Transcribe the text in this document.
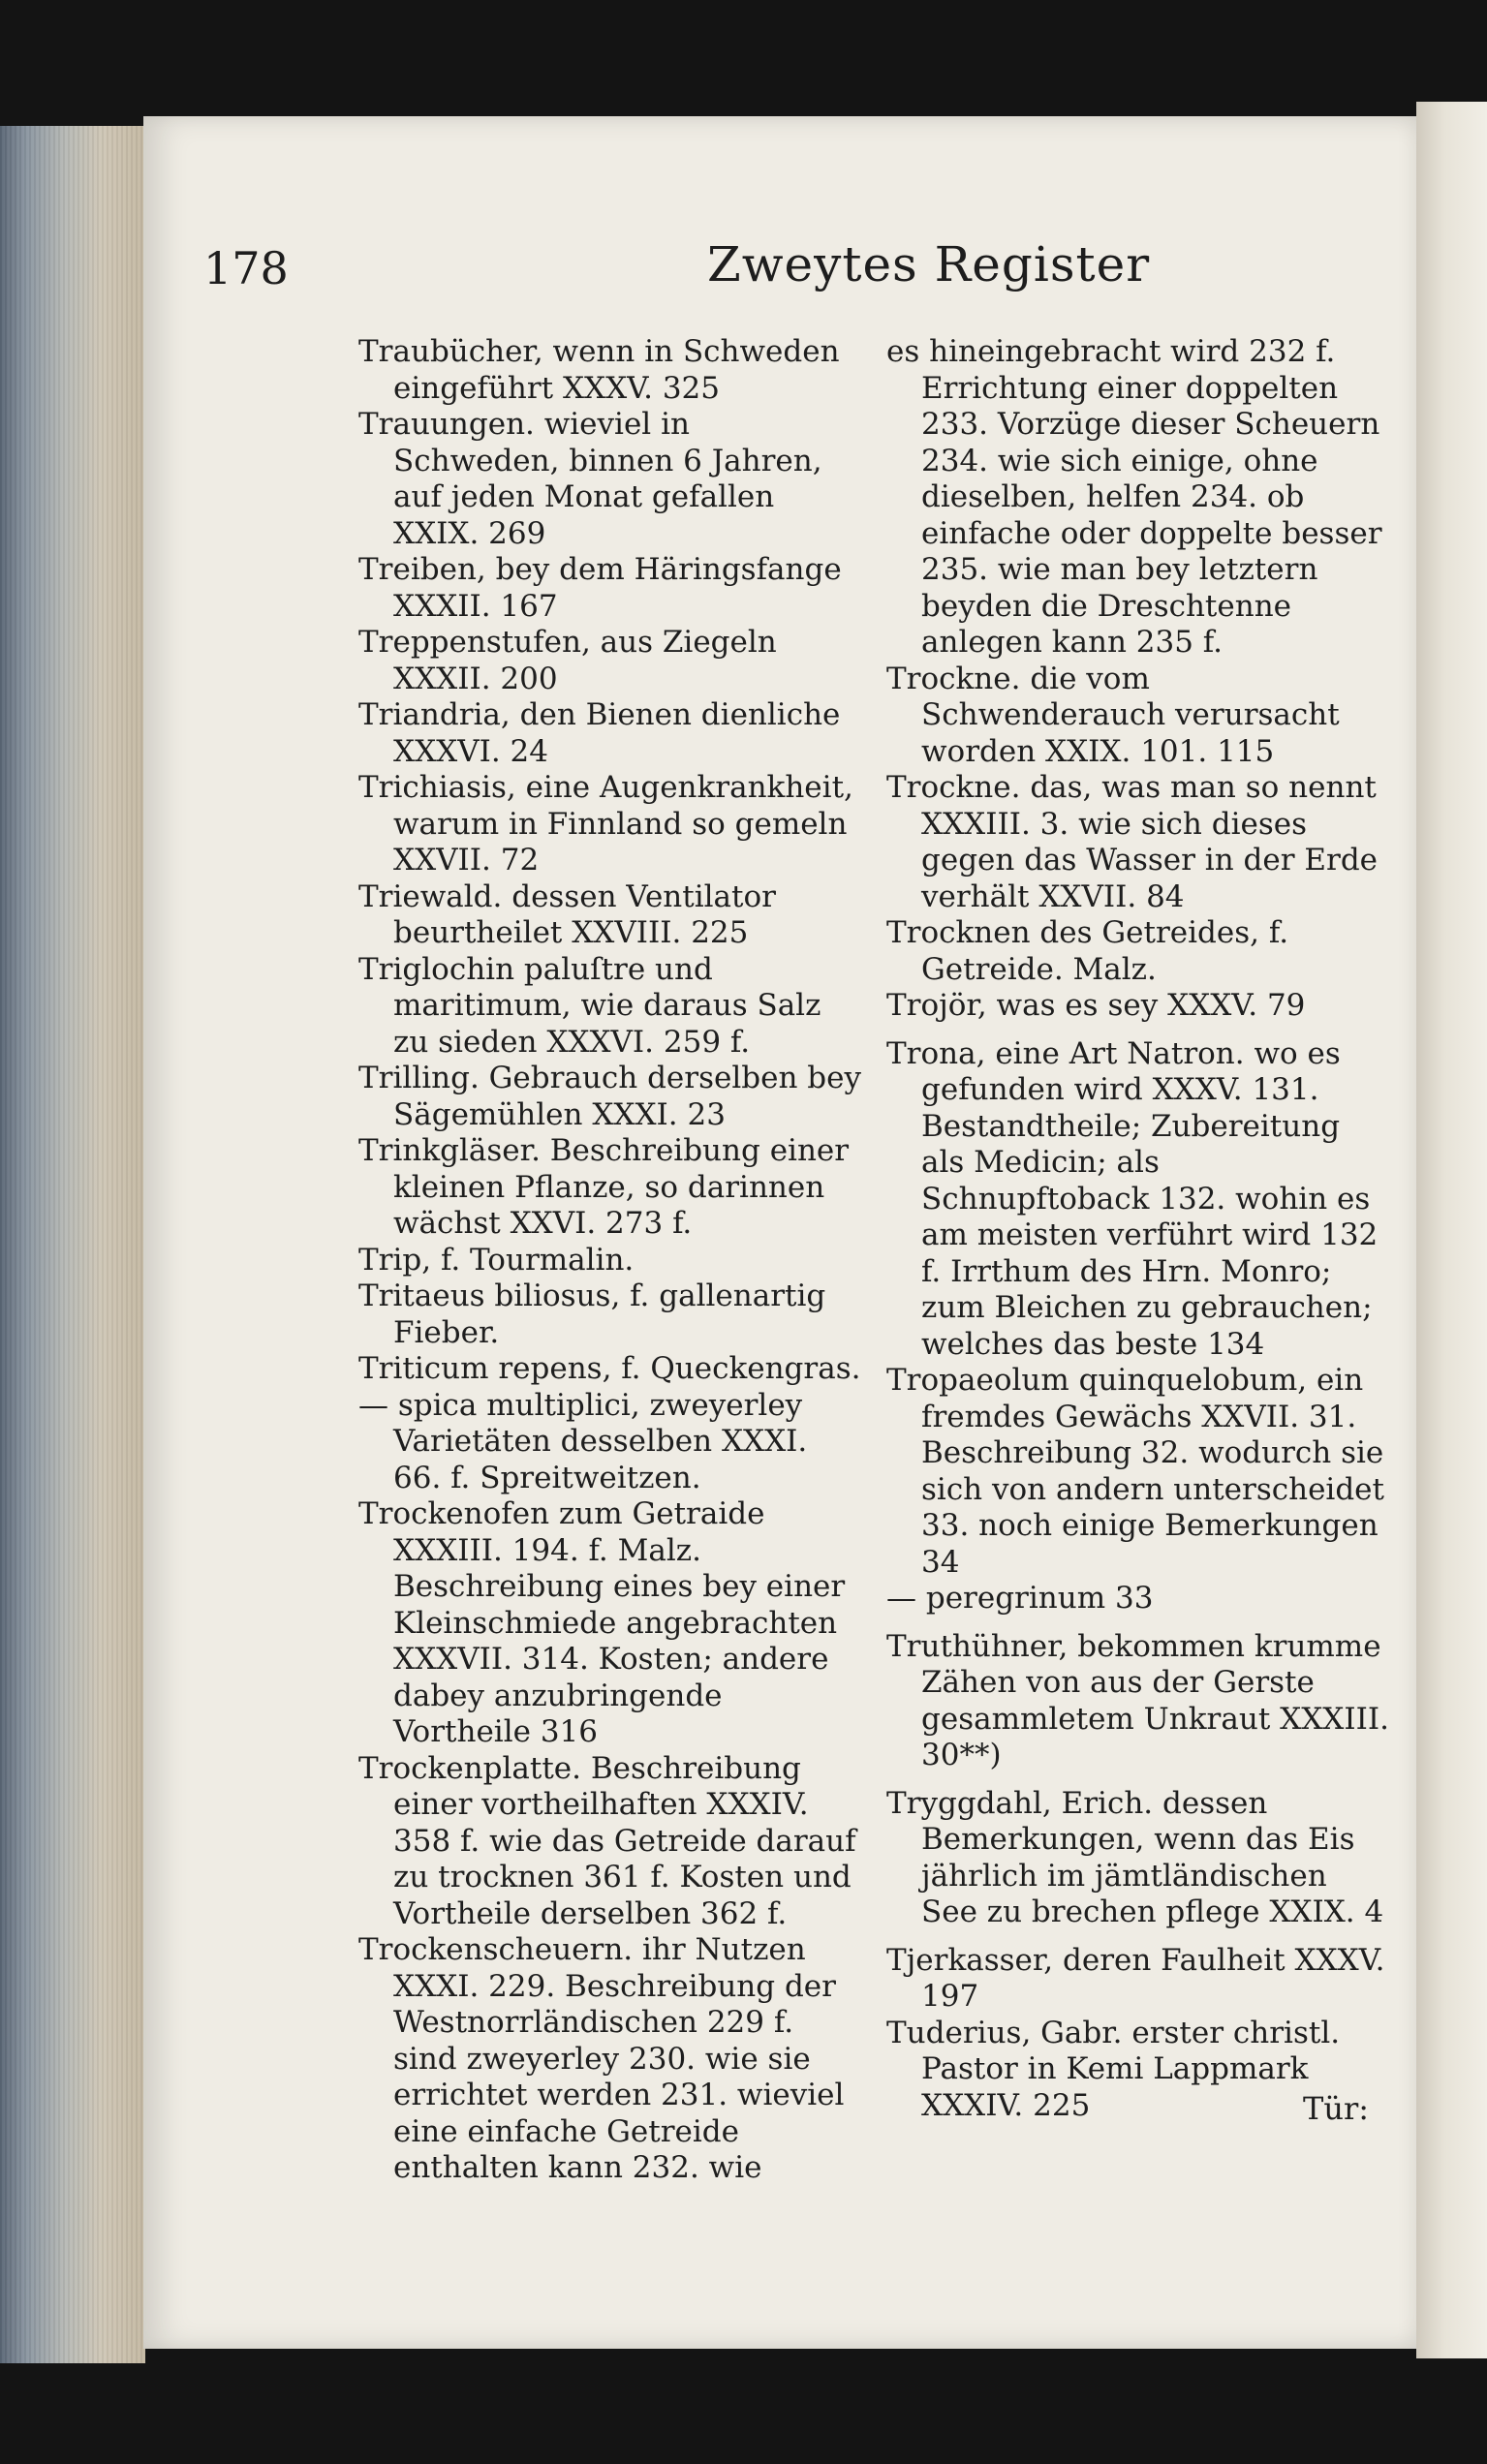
178	Zweytes Register

Traubücher, wenn in Schweden eingeführt XXXV. 325

Trauungen. wieviel in Schweden, binnen 6 Jahren, auf jeden Monat gefallen XXIX. 269

Treiben, bey dem Häringsfange XXXII. 167

Treppenstufen, aus Ziegeln XXXII. 200

Triandria, den Bienen dienliche XXXVI. 24

Trichiasis, eine Augenkrankheit, warum in Finnland so gemeln XXVII. 72

Triewald. dessen Ventilator beurtheilet XXVIII. 225

Triglochin paluſtre und maritimum, wie daraus Salz zu sieden XXXVI. 259 f.

Trilling. Gebrauch derselben bey Sägemühlen XXXI. 23

Trinkgläser. Beschreibung einer kleinen Pflanze, so darinnen wächst XXVI. 273 f.

Trip, f. Tourmalin.

Tritaeus biliosus, f. gallenartig Fieber.

Triticum repens, f. Queckengras.

— spica multiplici, zweyerley Varietäten desselben XXXI. 66. f. Spreitweitzen.

Trockenofen zum Getraide XXXIII. 194. f. Malz. Beschreibung eines bey einer Kleinschmiede angebrachten XXXVII. 314. Kosten; andere dabey anzubringende Vortheile 316

Trockenplatte. Beschreibung einer vortheilhaften XXXIV. 358 f. wie das Getreide darauf zu trocknen 361 f. Kosten und Vortheile derselben 362 f.

Trockenscheuern. ihr Nutzen XXXI. 229. Beschreibung der Westnorrländischen 229 f. sind zweyerley 230. wie sie errichtet werden 231. wieviel eine einfache Getreide enthalten kann 232. wie

es hineingebracht wird 232 f. Errichtung einer doppelten 233. Vorzüge dieser Scheuern 234. wie sich einige, ohne dieselben, helfen 234. ob einfache oder doppelte besser 235. wie man bey letztern beyden die Dreschtenne anlegen kann 235 f.

Trockne. die vom Schwenderauch verursacht worden XXIX. 101. 115

Trockne. das, was man so nennt XXXIII. 3. wie sich dieses gegen das Wasser in der Erde verhält XXVII. 84

Trocknen des Getreides, f. Getreide. Malz.

Trojör, was es sey XXXV. 79

Trona, eine Art Natron. wo es gefunden wird XXXV. 131. Bestandtheile; Zubereitung als Medicin; als Schnupftoback 132. wohin es am meisten verführt wird 132 f. Irrthum des Hrn. Monro; zum Bleichen zu gebrauchen; welches das beste 134

Tropaeolum quinquelobum, ein fremdes Gewächs XXVII. 31. Beschreibung 32. wodurch sie sich von andern unterscheidet 33. noch einige Bemerkungen 34

— peregrinum 33

Truthühner, bekommen krumme Zähen von aus der Gerste gesammletem Unkraut XXXIII. 30**)

Tryggdahl, Erich. dessen Bemerkungen, wenn das Eis jährlich im jämtländischen See zu brechen pflege XXIX. 4

Tjerkasser, deren Faulheit XXXV. 197

Tuderius, Gabr. erster christl. Pastor in Kemi Lappmark XXXIV. 225	Tür:
